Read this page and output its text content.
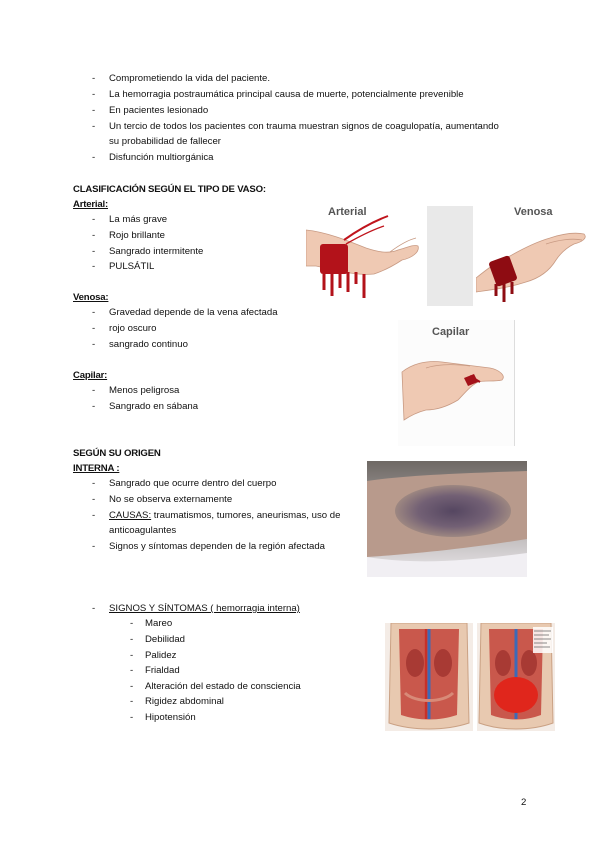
- Comprometiendo la vida del paciente.
- La hemorragia postraumática principal causa de muerte, potencialmente prevenible
- En pacientes lesionado
- Un tercio de todos los pacientes con trauma muestran signos de coagulopatía, aumentando
su probabilidad de fallecer
- Disfunción multiorgánica
CLASIFICACIÓN SEGÚN EL TIPO DE VASO:
Arterial:
- La más grave
- Rojo brillante
- Sangrado intermitente
- PULSÁTIL
Venosa:
- Gravedad depende de la vena afectada
- rojo oscuro
- sangrado continuo
Capilar:
- Menos peligrosa
- Sangrado en sábana
Arterial	Venosa
Capilar
SEGÚN SU ORIGEN
INTERNA :
- Sangrado que ocurre dentro del cuerpo
- No se observa externamente
- CAUSAS: traumatismos, tumores, aneurismas, uso de
anticoagulantes
- Signos y síntomas dependen de la región afectada
- SIGNOS Y SÍNTOMAS ( hemorragia interna)
- Mareo
- Debilidad
- Palidez
- Frialdad
- Alteración del estado de consciencia
- Rigidez abdominal
- Hipotensión
2
